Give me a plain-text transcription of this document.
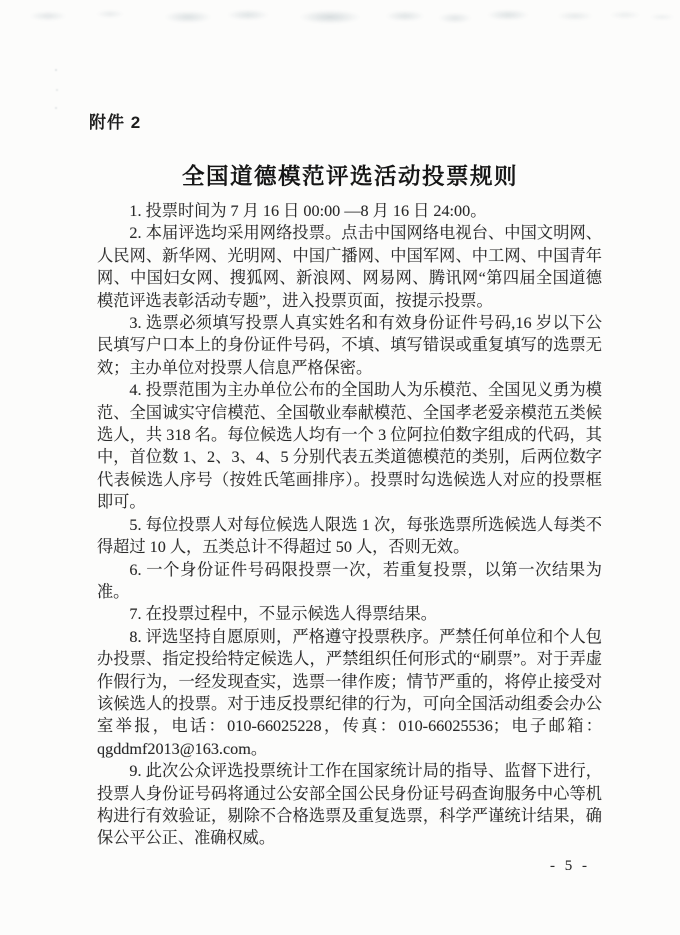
附件 2
全国道德模范评选活动投票规则

1. 投票时间为 7 月 16 日 00:00 —8 月 16 日 24:00。

2. 本届评选均采用网络投票。点击中国网络电视台、中国文明网、人民网、新华网、光明网、中国广播网、中国军网、中工网、中国青年网、中国妇女网、搜狐网、新浪网、网易网、腾讯网“第四届全国道德模范评选表彰活动专题”，进入投票页面，按提示投票。

3. 选票必须填写投票人真实姓名和有效身份证件号码,16 岁以下公民填写户口本上的身份证件号码，不填、填写错误或重复填写的选票无效；主办单位对投票人信息严格保密。

4. 投票范围为主办单位公布的全国助人为乐模范、全国见义勇为模范、全国诚实守信模范、全国敬业奉献模范、全国孝老爱亲模范五类候选人，共 318 名。每位候选人均有一个 3 位阿拉伯数字组成的代码，其中，首位数 1、2、3、4、5 分别代表五类道德模范的类别，后两位数字代表候选人序号（按姓氏笔画排序）。投票时勾选候选人对应的投票框即可。

5. 每位投票人对每位候选人限选 1 次，每张选票所选候选人每类不得超过 10 人，五类总计不得超过 50 人，否则无效。

6. 一个身份证件号码限投票一次，若重复投票，以第一次结果为准。

7. 在投票过程中，不显示候选人得票结果。

8. 评选坚持自愿原则，严格遵守投票秩序。严禁任何单位和个人包办投票、指定投给特定候选人，严禁组织任何形式的“刷票”。对于弄虚作假行为，一经发现查实，选票一律作废；情节严重的，将停止接受对该候选人的投票。对于违反投票纪律的行为，可向全国活动组委会办公室举报，电话：010-66025228，传真：010-66025536；电子邮箱：qgddmf2013@163.com。

9. 此次公众评选投票统计工作在国家统计局的指导、监督下进行，投票人身份证号码将通过公安部全国公民身份证号码查询服务中心等机构进行有效验证，剔除不合格选票及重复选票，科学严谨统计结果，确保公平公正、准确权威。

- 5 -
